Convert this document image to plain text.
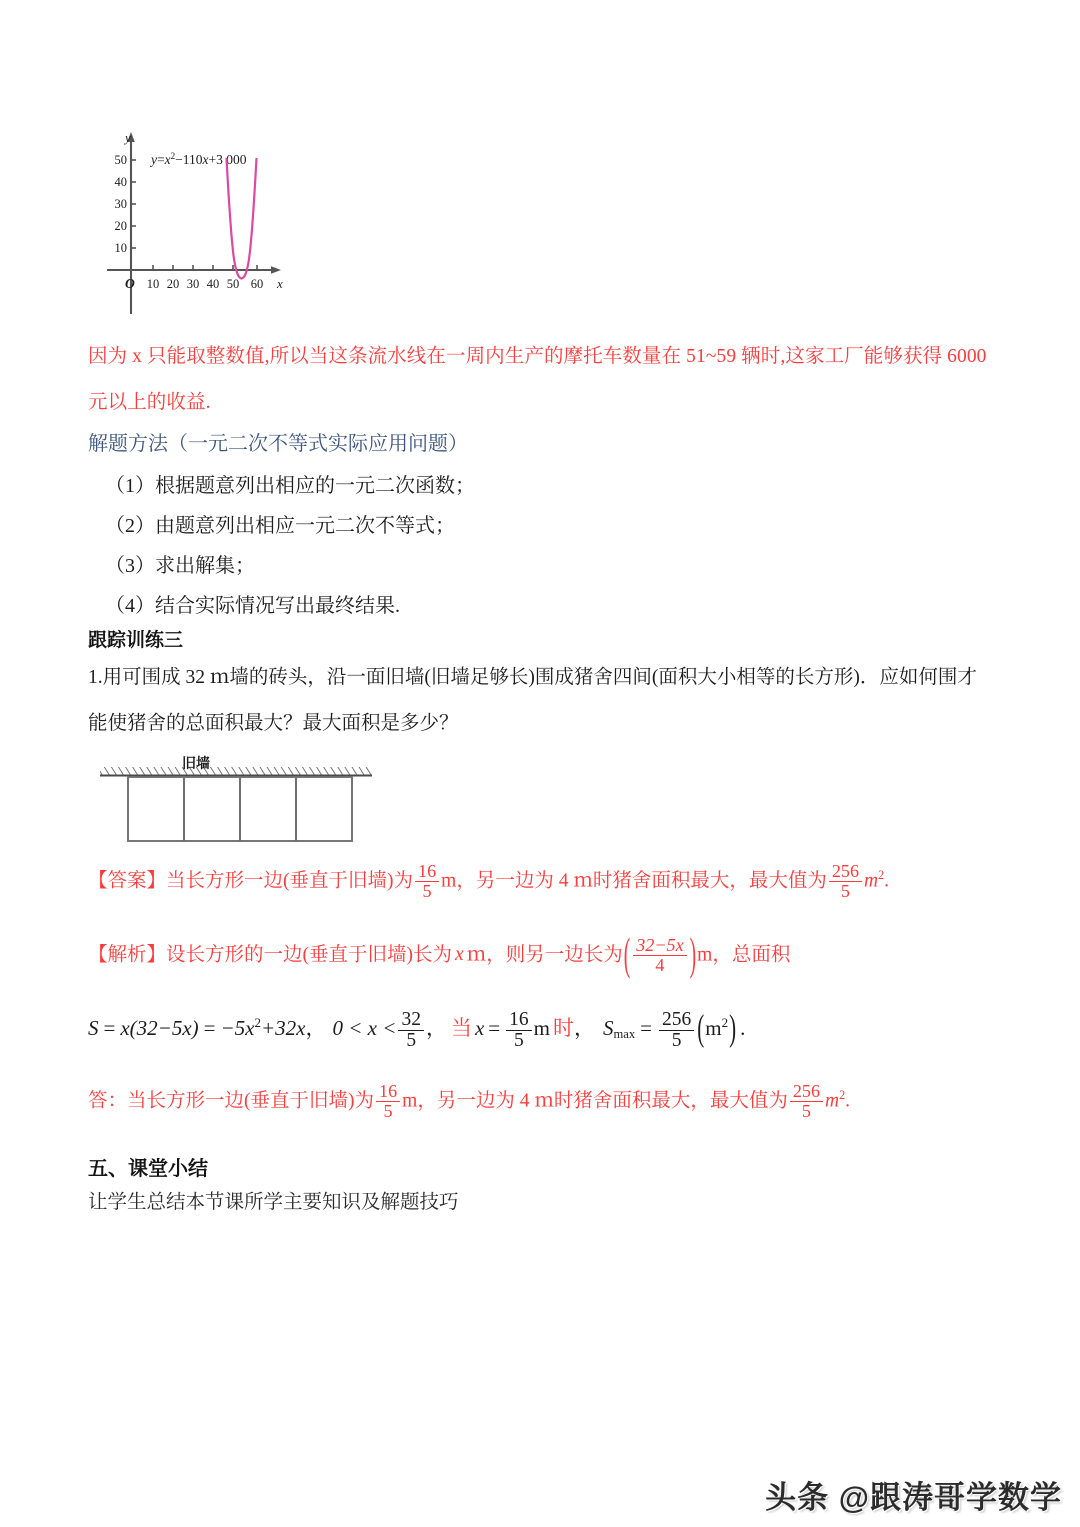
10
20
30
40
50
10 20 30 40 50 60
O
y
x
$y=x^2-110x+3$ 000
因为 x 只能取整数值,所以当这条流水线在一周内生产的摩托车数量在 51~59 辆时,这家工厂能够获得 6000
元以上的收益.
解题方法（一元二次不等式实际应用问题）
（1）根据题意列出相应的一元二次函数；
（2）由题意列出相应一元二次不等式；
（3）求出解集；
（4）结合实际情况写出最终结果.
跟踪训练三
1.用可围成 32 ｍ墙的砖头，沿一面旧墙(旧墙足够长)围成猪舍四间(面积大小相等的长方形)．应如何围才
能使猪舍的总面积最大？最大面积是多少？
旧墙
【答案】当长方形一边(垂直于旧墙)为 $\frac{16}{5}$ m，另一边为 4 ｍ时猪舍面积最大，最大值为 $\frac{256}{5} m^2$.
【解析】设长方形的一边(垂直于旧墙)长为 x ｍ，则另一边长为( $\frac{32-5x}{4} )m$，总面积
$S = x(32-5x) = -5x^2+32x$， $0 < x < \frac{32}{5}$ ， 当 $x = \frac{16}{5}$ m 时， $S_{max} = \frac{256}{5} (m^2)$ .
答：当长方形一边(垂直于旧墙)为 $\frac{16}{5}$ m，另一边为 4 ｍ时猪舍面积最大，最大值为 $\frac{256}{5} m^2$.
五、课堂小结
让学生总结本节课所学主要知识及解题技巧
头条 @跟涛哥学数学
